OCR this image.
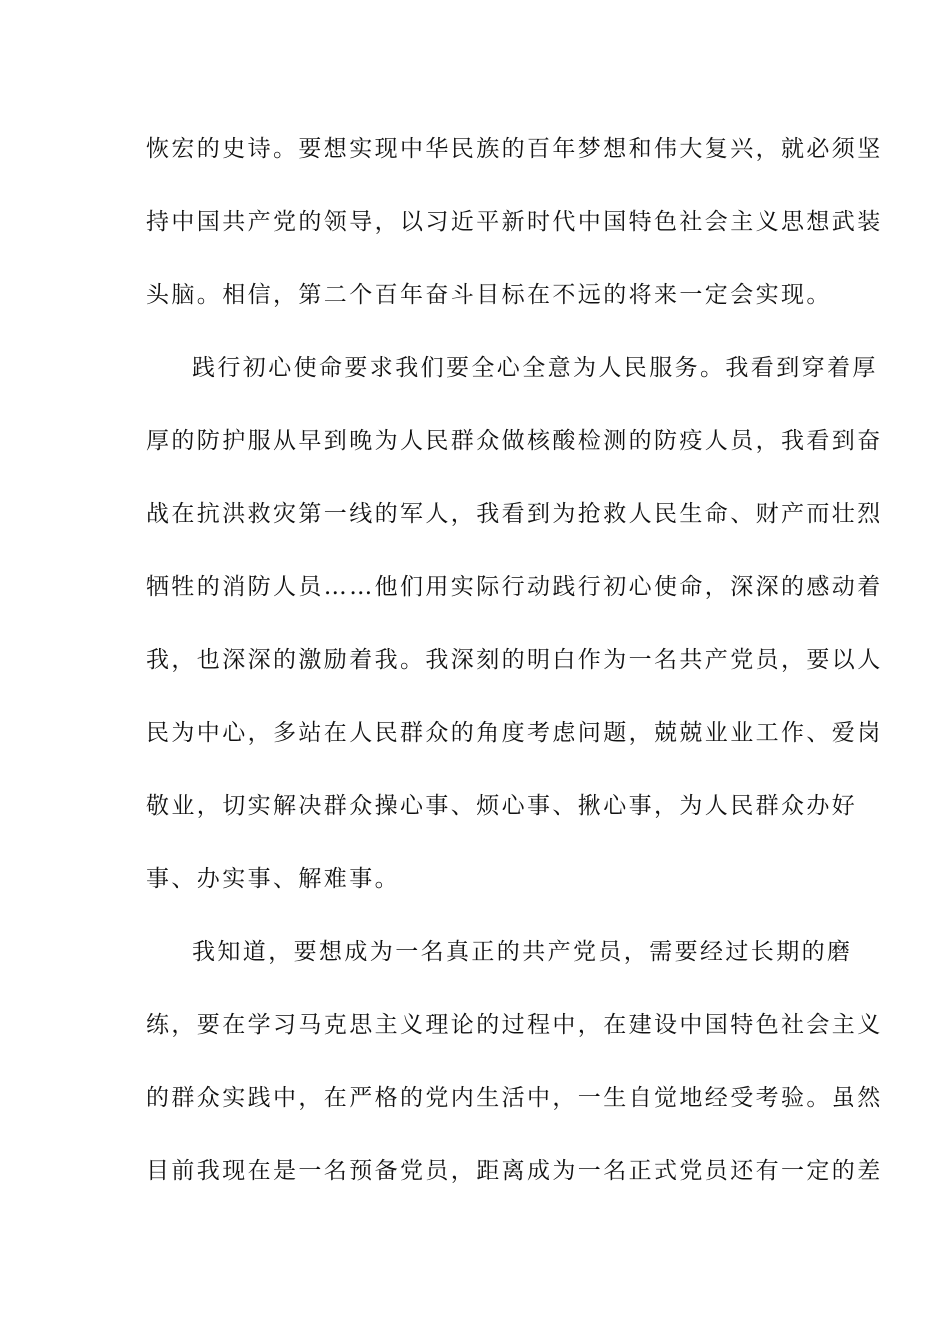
恢宏的史诗。要想实现中华民族的百年梦想和伟大复兴，就必须坚
持中国共产党的领导，以习近平新时代中国特色社会主义思想武装
头脑。相信，第二个百年奋斗目标在不远的将来一定会实现。
践行初心使命要求我们要全心全意为人民服务。我看到穿着厚
厚的防护服从早到晚为人民群众做核酸检测的防疫人员，我看到奋
战在抗洪救灾第一线的军人，我看到为抢救人民生命、财产而壮烈
牺牲的消防人员……他们用实际行动践行初心使命，深深的感动着
我，也深深的激励着我。我深刻的明白作为一名共产党员，要以人
民为中心，多站在人民群众的角度考虑问题，兢兢业业工作、爱岗
敬业，切实解决群众操心事、烦心事、揪心事，为人民群众办好
事、办实事、解难事。
我知道，要想成为一名真正的共产党员，需要经过长期的磨
练，要在学习马克思主义理论的过程中，在建设中国特色社会主义
的群众实践中，在严格的党内生活中，一生自觉地经受考验。虽然
目前我现在是一名预备党员，距离成为一名正式党员还有一定的差
